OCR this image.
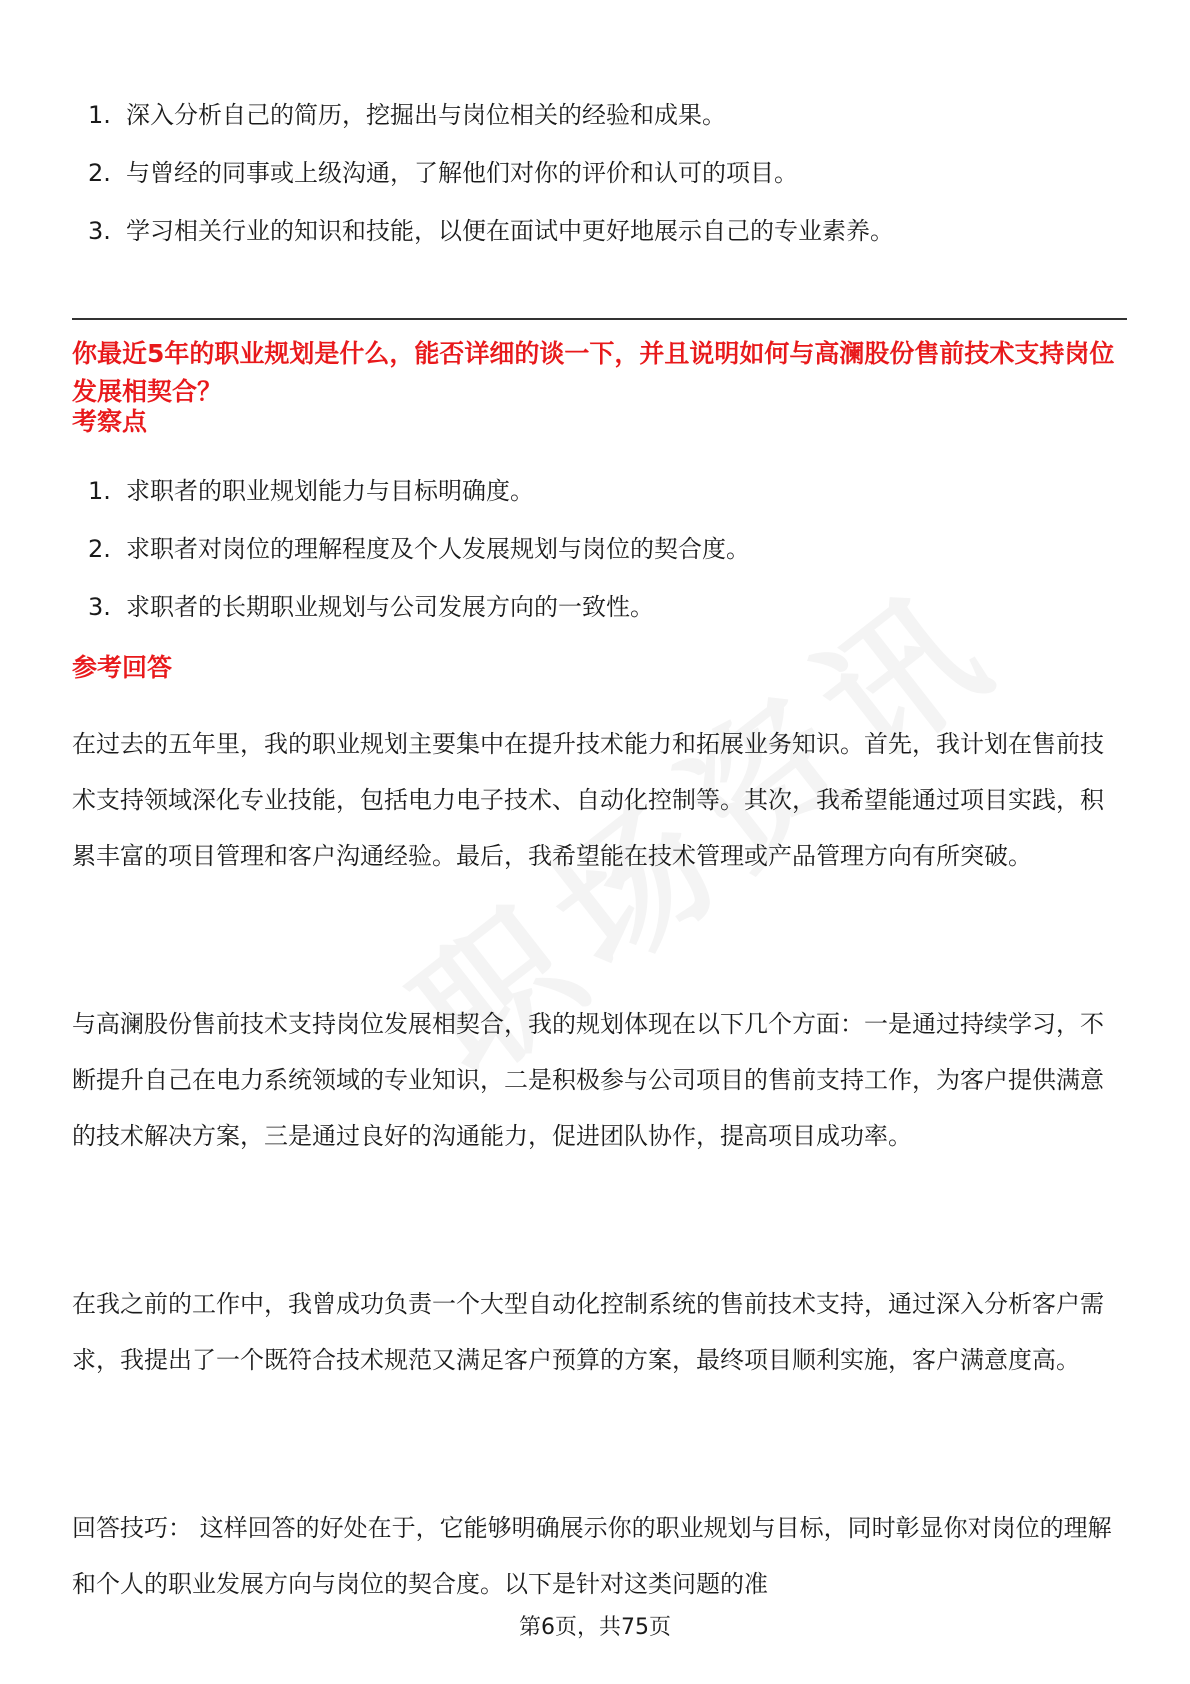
1. 深入分析自己的简历，挖掘出与岗位相关的经验和成果。
2. 与曾经的同事或上级沟通，了解他们对你的评价和认可的项目。
3. 学习相关行业的知识和技能，以便在面试中更好地展示自己的专业素养。
你最近5年的职业规划是什么，能否详细的谈一下，并且说明如何与高澜股份售前技术支持岗位发展相契合？
考察点
1. 求职者的职业规划能力与目标明确度。
2. 求职者对岗位的理解程度及个人发展规划与岗位的契合度。
3. 求职者的长期职业规划与公司发展方向的一致性。
参考回答

在过去的五年里，我的职业规划主要集中在提升技术能力和拓展业务知识。首先，我计划在售前技术支持领域深化专业技能，包括电力电子技术、自动化控制等。其次，我希望能通过项目实践，积累丰富的项目管理和客户沟通经验。最后，我希望能在技术管理或产品管理方向有所突破。

与高澜股份售前技术支持岗位发展相契合，我的规划体现在以下几个方面：一是通过持续学习，不断提升自己在电力系统领域的专业知识，二是积极参与公司项目的售前支持工作，为客户提供满意的技术解决方案，三是通过良好的沟通能力，促进团队协作，提高项目成功率。

在我之前的工作中，我曾成功负责一个大型自动化控制系统的售前技术支持，通过深入分析客户需求，我提出了一个既符合技术规范又满足客户预算的方案，最终项目顺利实施，客户满意度高。

回答技巧： 这样回答的好处在于，它能够明确展示你的职业规划与目标，同时彰显你对岗位的理解和个人的职业发展方向与岗位的契合度。以下是针对这类问题的准

第6页，共75页
